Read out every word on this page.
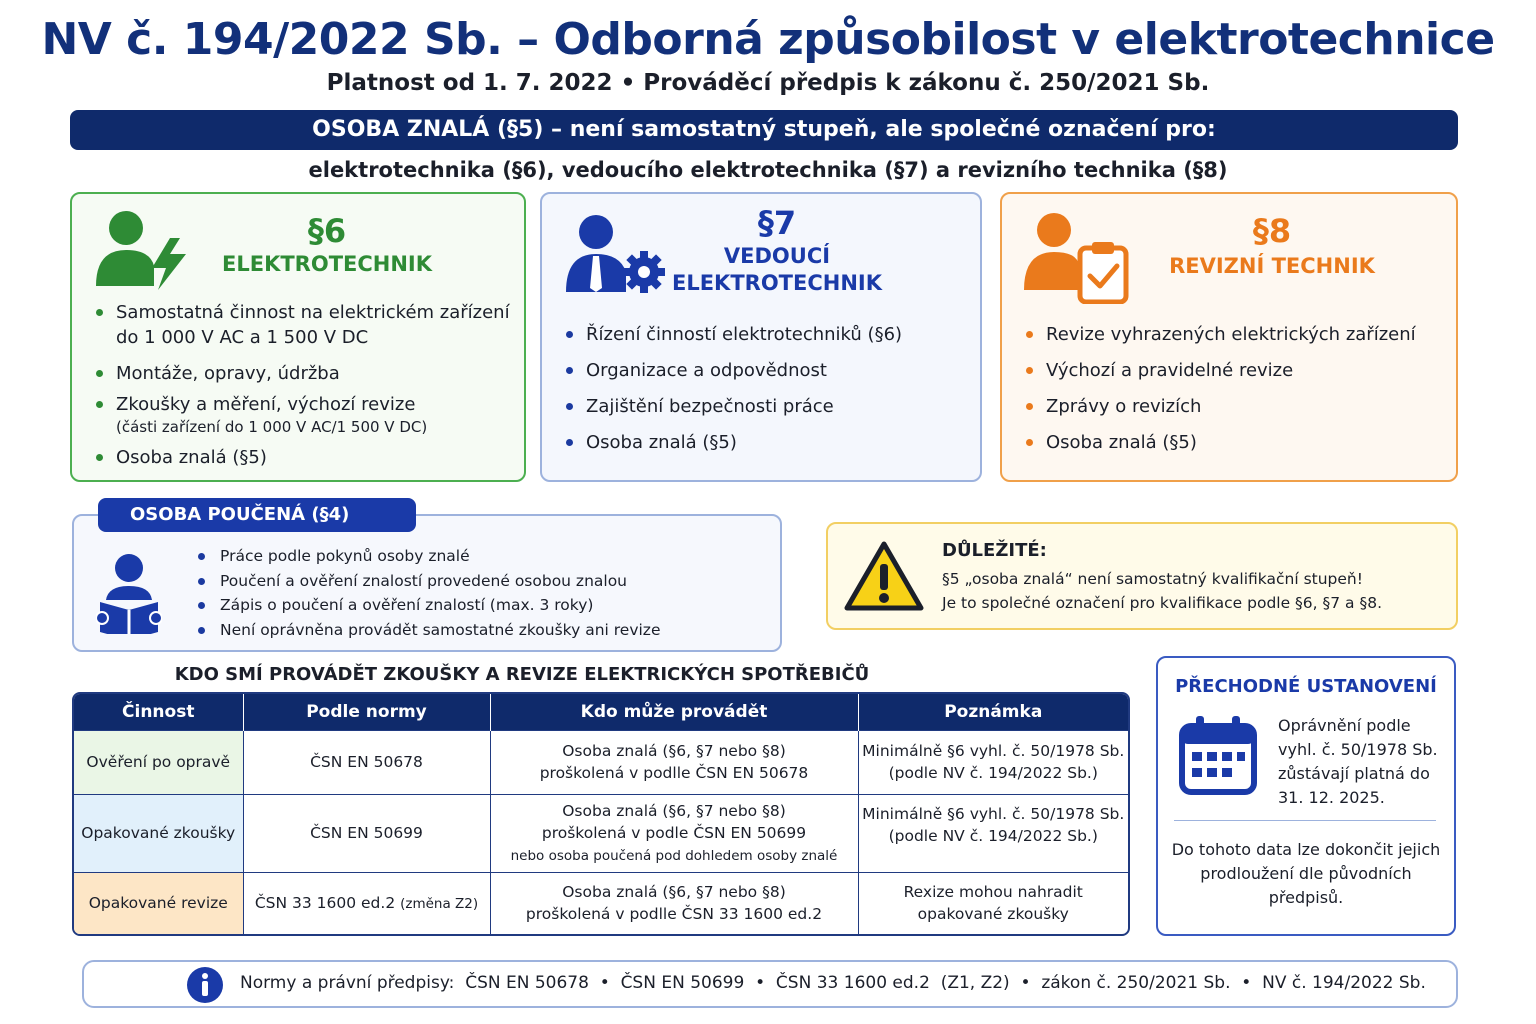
NV č. 194/2022 Sb. – Odborná způsobilost v elektrotechnice
Platnost od 1. 7. 2022 • Prováděcí předpis k zákonu č. 250/2021 Sb.
OSOBA ZNALÁ (§5) – není samostatný stupeň, ale společné označení pro:
elektrotechnika (§6), vedoucího elektrotechnika (§7) a revizního technika (§8)
§6
ELEKTROTECHNIK
Samostatná činnost na elektrickém zařízení do 1 000 V AC a 1 500 V DC
Montáže, opravy, údržba
Zkoušky a měření, výchozí revize
(části zařízení do 1 000 V AC/1 500 V DC)
Osoba znalá (§5)
§7
VEDOUCÍ
ELEKTROTECHNIK
Řízení činností elektrotechniků (§6)
Organizace a odpovědnost
Zajištění bezpečnosti práce
Osoba znalá (§5)
§8
REVIZNÍ TECHNIK
Revize vyhrazených elektrických zařízení
Výchozí a pravidelné revize
Zprávy o revizích
Osoba znalá (§5)
OSOBA POUČENÁ (§4)
Práce podle pokynů osoby znalé
Poučení a ověření znalostí provedené osobou znalou
Zápis o poučení a ověření znalostí (max. 3 roky)
Není oprávněna provádět samostatné zkoušky ani revize
DŮLEŽITÉ:
§5 „osoba znalá“ není samostatný kvalifikační stupeň!
Je to společné označení pro kvalifikace podle §6, §7 a §8.
KDO SMÍ PROVÁDĚT ZKOUŠKY A REVIZE ELEKTRICKÝCH SPOTŘEBIČŮ
Činnost	Podle normy	Kdo může provádět	Poznámka
Ověření po opravě	ČSN EN 50678	Osoba znalá (§6, §7 nebo §8)
proškolená v podlle ČSN EN 50678	Minimálně §6 vyhl. č. 50/1978 Sb.
(podle NV č. 194/2022 Sb.)
Opakované zkoušky	ČSN EN 50699	Osoba znalá (§6, §7 nebo §8)
proškolená v podle ČSN EN 50699
nebo osoba poučená pod dohledem osoby znalé	Minimálně §6 vyhl. č. 50/1978 Sb.
(podle NV č. 194/2022 Sb.)
Opakované revize	ČSN 33 1600 ed.2 (změna Z2)	Osoba znalá (§6, §7 nebo §8)
proškolená v podlle ČSN 33 1600 ed.2	Rexize mohou nahradit
opakované zkoušky
PŘECHODNÉ USTANOVENÍ
Oprávnění podle vyhl. č. 50/1978 Sb. zůstávají platná do 31. 12. 2025.
Do tohoto data lze dokončit jejich prodloužení dle původních předpisů.
Normy a právní předpisy:  ČSN EN 50678  •  ČSN EN 50699  •  ČSN 33 1600 ed.2  (Z1, Z2)  •  zákon č. 250/2021 Sb.  •  NV č. 194/2022 Sb.
